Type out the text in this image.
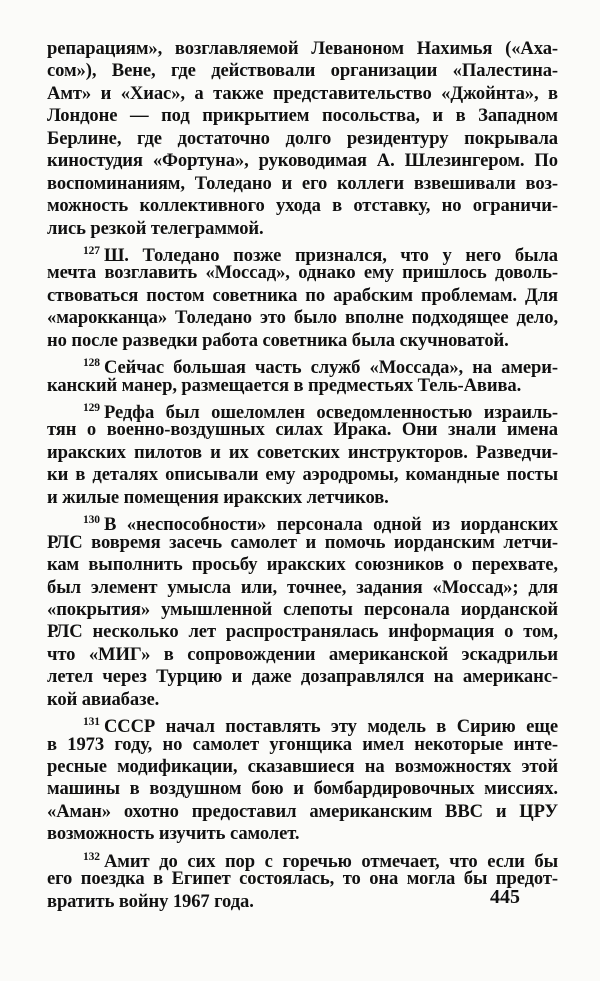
репарациям», возглавляемой Леваноном Нахимья («Аха-
сом»), Вене, где действовали организации «Палестина-
Амт» и «Хиас», а также представительство «Джойнта», в
Лондоне — под прикрытием посольства, и в Западном
Берлине, где достаточно долго резидентуру покрывала
киностудия «Фортуна», руководимая А. Шлезингером. По
воспоминаниям, Толедано и его коллеги взвешивали воз-
можность коллективного ухода в отставку, но ограничи-
лись резкой телеграммой.
$^{127}$ Ш. Толедано позже признался, что у него была
мечта возглавить «Моссад», однако ему пришлось доволь-
ствоваться постом советника по арабским проблемам. Для
«марокканца» Толедано это было вполне подходящее дело,
но после разведки работа советника была скучноватой.
$^{128}$ Сейчас большая часть служб «Моссада», на амери-
канский манер, размещается в предместьях Тель-Авива.
$^{129}$ Редфа был ошеломлен осведомленностью израиль-
тян о военно-воздушных силах Ирака. Они знали имена
иракских пилотов и их советских инструкторов. Разведчи-
ки в деталях описывали ему аэродромы, командные посты
и жилые помещения иракских летчиков.
$^{130}$ В «неспособности» персонала одной из иорданских
РЛС вовремя засечь самолет и помочь иорданским летчи-
кам выполнить просьбу иракских союзников о перехвате,
был элемент умысла или, точнее, задания «Моссад»; для
«покрытия» умышленной слепоты персонала иорданской
РЛС несколько лет распространялась информация о том,
что «МИГ» в сопровождении американской эскадрильи
летел через Турцию и даже дозаправлялся на американс-
кой авиабазе.
$^{131}$ СССР начал поставлять эту модель в Сирию еще
в 1973 году, но самолет угонщика имел некоторые инте-
ресные модификации, сказавшиеся на возможностях этой
машины в воздушном бою и бомбардировочных миссиях.
«Аман» охотно предоставил американским ВВС и ЦРУ
возможность изучить самолет.
$^{132}$ Амит до сих пор с горечью отмечает, что если бы
его поездка в Египет состоялась, то она могла бы предот-
вратить войну 1967 года.	445
